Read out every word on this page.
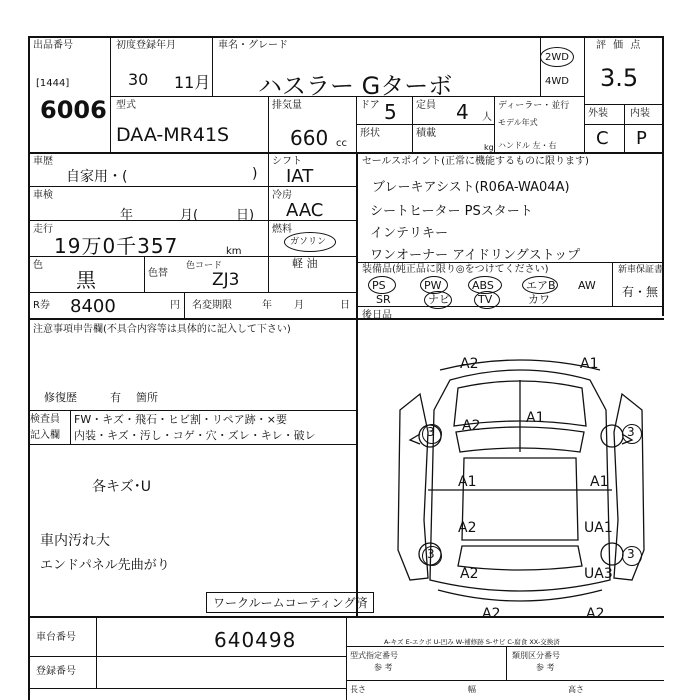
出品番号
[1444]
6006
初度登録年月
30 11月
車名・グレード
ハスラー Gターボ
2WD
4WD
評 価 点
3.5
型式
DAA-MR41S
排気量
660 cc
ドア 5 定員 4 人
形状	積載
kg
ディーラー・並行
モデル年式
ハンドル 左・右
外装 内装
C P
車歴
自家用・(	)
車検
年	月(	日)
走行
19万0千357	km
色
黒	色替
色コード
ZJ3
R券 8400	円 名変期限	年 月	日
シフト
IAT
冷房
AAC
燃料
ガソリン
軽 油
セールスポイント(正常に機能するものに限ります)
ブレーキアシスト(R06A-WA04A)
シートヒーター PSスタート
インテリキー
ワンオーナー アイドリングストップ
装備品(純正品に限り◎をつけてください)
PS	PW	ABS	エアB AW
SR	ナビ	TV	カワ
新車保証書
有・無
後日品
注意事項申告欄(不具合内容等は具体的に記入して下さい)
修復歴	有 箇所
検査員
記入欄
FW・キズ・飛石・ヒビ割・リペア跡・×要
内装・キズ・汚し・コゲ・穴・ズレ・キレ・破レ
各キズ･U
車内汚れ大
エンドパネル先曲がり
ワークルームコーティング済
A2	A1
A2	A1
A1	A1
A2	UA1
A2	UA3
A2	A2
3	3
3	3
A-キズ E-エクボ U-凹み W-補修跡 S-サビ C-腐食 XX-交換済
車台番号	640498
登録番号
型式指定番号
参 考
類別区分番号
参 考
長さ	幅	高さ
